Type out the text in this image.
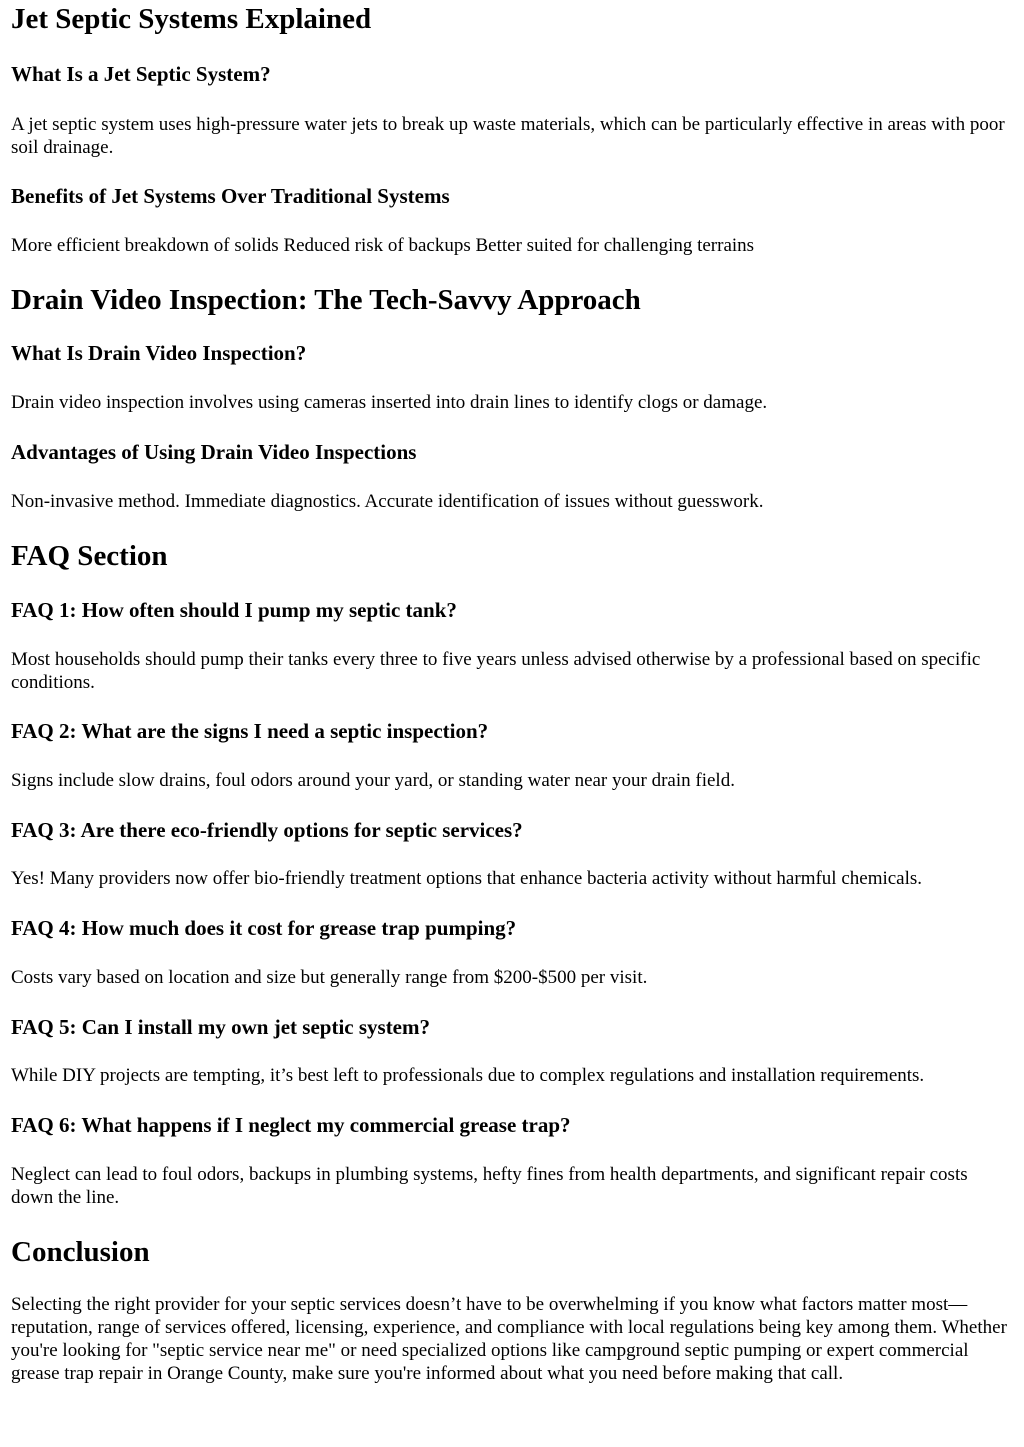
Jet Septic Systems Explained
What Is a Jet Septic System?

A jet septic system uses high-pressure water jets to break up waste materials, which can be particularly effective in areas with poor soil drainage.

Benefits of Jet Systems Over Traditional Systems

More efficient breakdown of solids Reduced risk of backups Better suited for challenging terrains

Drain Video Inspection: The Tech-Savvy Approach
What Is Drain Video Inspection?

Drain video inspection involves using cameras inserted into drain lines to identify clogs or damage.

Advantages of Using Drain Video Inspections

Non-invasive method. Immediate diagnostics. Accurate identification of issues without guesswork.

FAQ Section
FAQ 1: How often should I pump my septic tank?

Most households should pump their tanks every three to five years unless advised otherwise by a professional based on specific conditions.

FAQ 2: What are the signs I need a septic inspection?

Signs include slow drains, foul odors around your yard, or standing water near your drain field.

FAQ 3: Are there eco-friendly options for septic services?

Yes! Many providers now offer bio-friendly treatment options that enhance bacteria activity without harmful chemicals.

FAQ 4: How much does it cost for grease trap pumping?

Costs vary based on location and size but generally range from $200-$500 per visit.

FAQ 5: Can I install my own jet septic system?

While DIY projects are tempting, it’s best left to professionals due to complex regulations and installation requirements.

FAQ 6: What happens if I neglect my commercial grease trap?

Neglect can lead to foul odors, backups in plumbing systems, hefty fines from health departments, and significant repair costs down the line.

Conclusion

Selecting the right provider for your septic services doesn’t have to be overwhelming if you know what factors matter most—reputation, range of services offered, licensing, experience, and compliance with local regulations being key among them. Whether you're looking for "septic service near me" or need specialized options like campground septic pumping or expert commercial grease trap repair in Orange County, make sure you're informed about what you need before making that call.
